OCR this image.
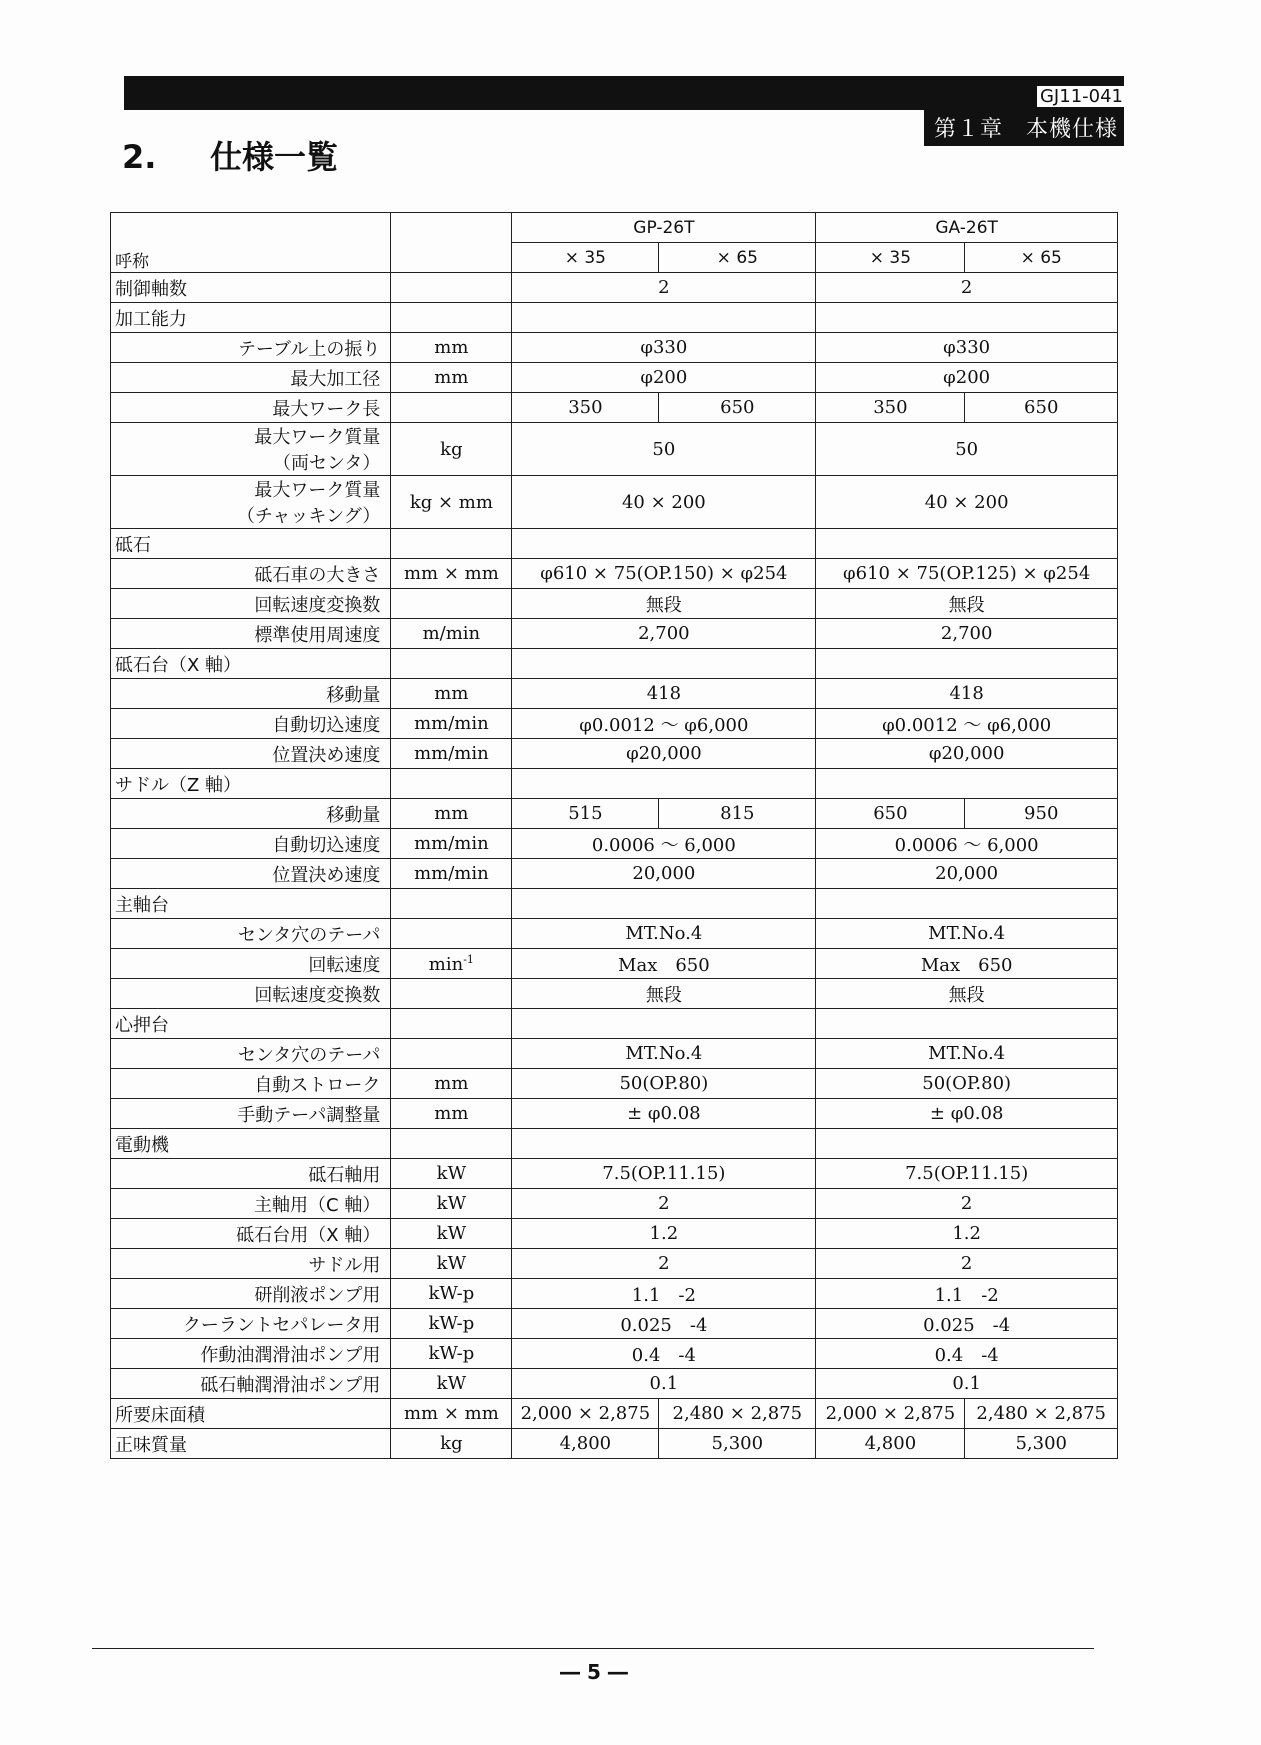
GJ11-041
第１章　本機仕様
2. 仕様一覧
呼称		GP-26T		GA-26T	
		× 35	× 65	× 35	× 65
制御軸数		2		2	
加工能力					
テーブル上の振り	mm	φ330		φ330	
最大加工径	mm	φ200		φ200	
最大ワーク長		350	650	350	650
最大ワーク質量
（両センタ）	kg	50		50	
最大ワーク質量
（チャッキング）	kg × mm	40 × 200		40 × 200	
砥石					
砥石車の大きさ	mm × mm	φ610 × 75(OP.150) × φ254		φ610 × 75(OP.125) × φ254	
回転速度変換数		無段		無段	
標準使用周速度	m/min	2,700		2,700	
砥石台（X 軸）					
移動量	mm	418		418	
自動切込速度	mm/min	φ0.0012 〜 φ6,000		φ0.0012 〜 φ6,000	
位置決め速度	mm/min	φ20,000		φ20,000	
サドル（Z 軸）					
移動量	mm	515	815	650	950
自動切込速度	mm/min	0.0006 〜 6,000		0.0006 〜 6,000	
位置決め速度	mm/min	20,000		20,000	
主軸台					
センタ穴のテーパ		MT.No.4		MT.No.4	
回転速度	$\min^{-1}$	Max　650		Max　650	
回転速度変換数		無段		無段	
心押台					
センタ穴のテーパ		MT.No.4		MT.No.4	
自動ストローク	mm	50(OP.80)		50(OP.80)	
手動テーパ調整量	mm	± φ0.08		± φ0.08	
電動機					
砥石軸用	kW	7.5(OP.11.15)		7.5(OP.11.15)	
主軸用（C 軸）	kW	2		2	
砥石台用（X 軸）	kW	1.2		1.2	
サドル用	kW	2		2	
研削液ポンプ用	kW-p	1.1　-2		1.1　-2	
クーラントセパレータ用	kW-p	0.025　-4		0.025　-4	
作動油潤滑油ポンプ用	kW-p	0.4　-4		0.4　-4	
砥石軸潤滑油ポンプ用	kW	0.1		0.1	
所要床面積	mm × mm	2,000 × 2,875	2,480 × 2,875	2,000 × 2,875	2,480 × 2,875
正味質量	kg	4,800	5,300	4,800	5,300
― 5 ―
